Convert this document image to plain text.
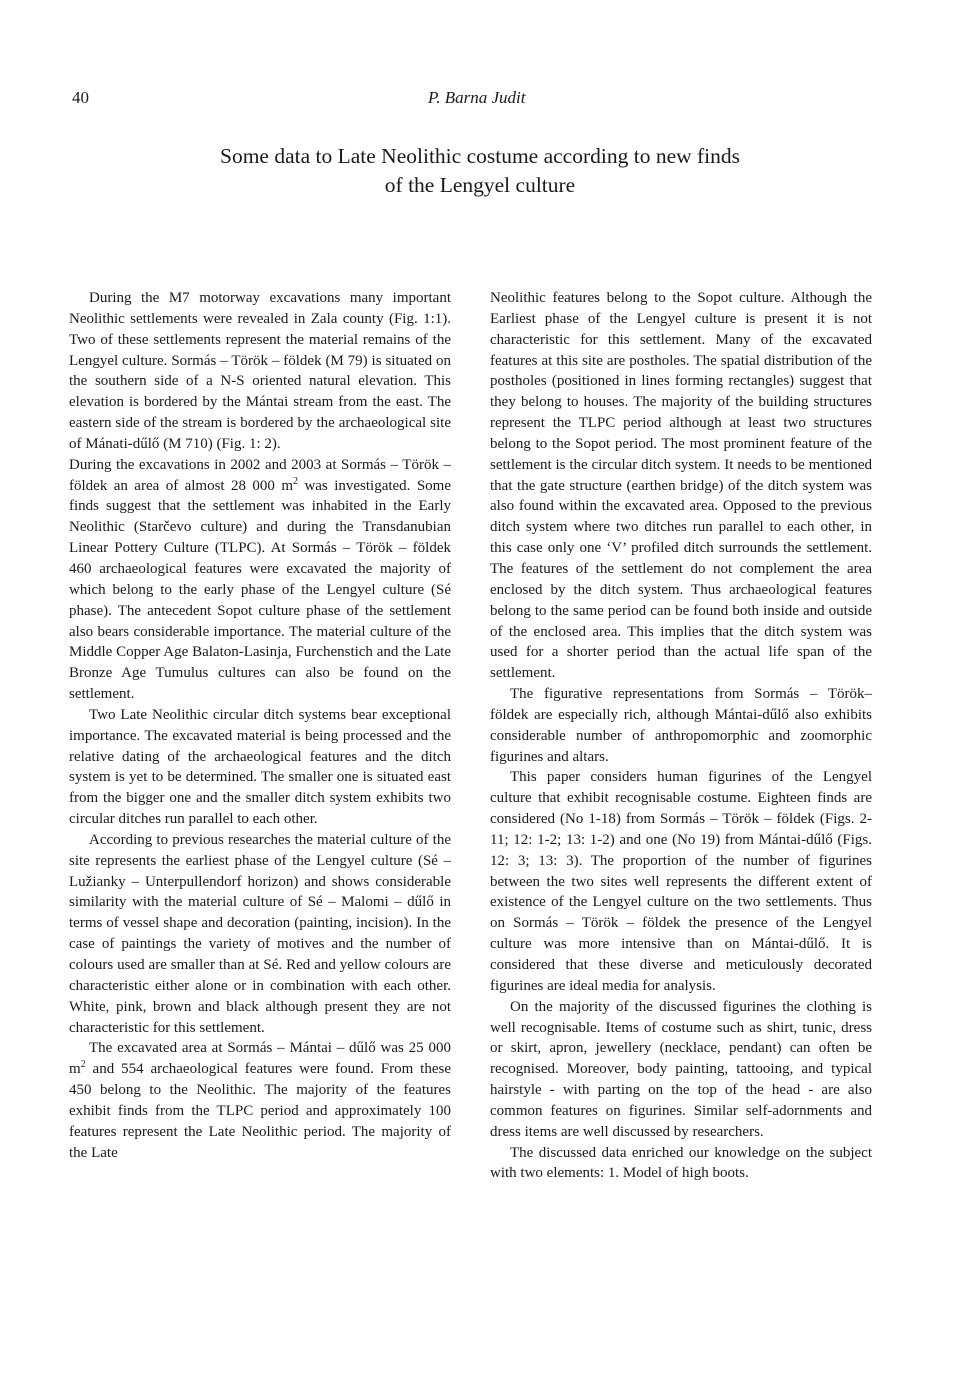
40	P. Barna Judit
Some data to Late Neolithic costume according to new finds
of the Lengyel culture

During the M7 motorway excavations many important Neolithic settlements were revealed in Zala county (Fig. 1:1). Two of these settlements represent the material remains of the Lengyel culture. Sormás – Török – földek (M 79) is situated on the southern side of a N-S oriented natural elevation. This elevation is bordered by the Mántai stream from the east. The eastern side of the stream is bordered by the archaeological site of Mánati-dűlő (M 710) (Fig. 1: 2).

During the excavations in 2002 and 2003 at Sormás – Török – földek an area of almost 28 000 $m^2$ was investigated. Some finds suggest that the settlement was inhabited in the Early Neolithic (Starčevo culture) and during the Transdanubian Linear Pottery Culture (TLPC). At Sormás – Török – földek 460 archaeological features were excavated the majority of which belong to the early phase of the Lengyel culture (Sé phase). The antecedent Sopot culture phase of the settlement also bears considerable importance. The material culture of the Middle Copper Age Balaton-Lasinja, Furchenstich and the Late Bronze Age Tumulus cultures can also be found on the settlement.

Two Late Neolithic circular ditch systems bear exceptional importance. The excavated material is being processed and the relative dating of the archaeological features and the ditch system is yet to be determined. The smaller one is situated east from the bigger one and the smaller ditch system exhibits two circular ditches run parallel to each other.

According to previous researches the material culture of the site represents the earliest phase of the Lengyel culture (Sé – Lužianky – Unterpullendorf horizon) and shows considerable similarity with the material culture of Sé – Malomi – dűlő in terms of vessel shape and decoration (painting, incision). In the case of paintings the variety of motives and the number of colours used are smaller than at Sé. Red and yellow colours are characteristic either alone or in combination with each other. White, pink, brown and black although present they are not characteristic for this settlement.

The excavated area at Sormás – Mántai – dűlő was 25 000 $m^2$ and 554 archaeological features were found. From these 450 belong to the Neolithic. The majority of the features exhibit finds from the TLPC period and approximately 100 features represent the Late Neolithic period. The majority of the Late

Neolithic features belong to the Sopot culture. Although the Earliest phase of the Lengyel culture is present it is not characteristic for this settlement. Many of the excavated features at this site are postholes. The spatial distribution of the postholes (positioned in lines forming rectangles) suggest that they belong to houses. The majority of the building structures represent the TLPC period although at least two structures belong to the Sopot period. The most prominent feature of the settlement is the circular ditch system. It needs to be mentioned that the gate structure (earthen bridge) of the ditch system was also found within the excavated area. Opposed to the previous ditch system where two ditches run parallel to each other, in this case only one ‘V’ profiled ditch surrounds the settlement. The features of the settlement do not complement the area enclosed by the ditch system. Thus archaeological features belong to the same period can be found both inside and outside of the enclosed area. This implies that the ditch system was used for a shorter period than the actual life span of the settlement.

The figurative representations from Sormás – Török– földek are especially rich, although Mántai-dűlő also exhibits considerable number of anthropomorphic and zoomorphic figurines and altars.

This paper considers human figurines of the Lengyel culture that exhibit recognisable costume. Eighteen finds are considered (No 1-18) from Sormás – Török – földek (Figs. 2-11; 12: 1-2; 13: 1-2) and one (No 19) from Mántai-dűlő (Figs. 12: 3; 13: 3). The proportion of the number of figurines between the two sites well represents the different extent of existence of the Lengyel culture on the two settlements. Thus on Sormás – Török – földek the presence of the Lengyel culture was more intensive than on Mántai-dűlő. It is considered that these diverse and meticulously decorated figurines are ideal media for analysis.

On the majority of the discussed figurines the clothing is well recognisable. Items of costume such as shirt, tunic, dress or skirt, apron, jewellery (necklace, pendant) can often be recognised. Moreover, body painting, tattooing, and typical hairstyle - with parting on the top of the head - are also common features on figurines. Similar self-adornments and dress items are well discussed by researchers.

The discussed data enriched our knowledge on the subject with two elements: 1. Model of high boots.
